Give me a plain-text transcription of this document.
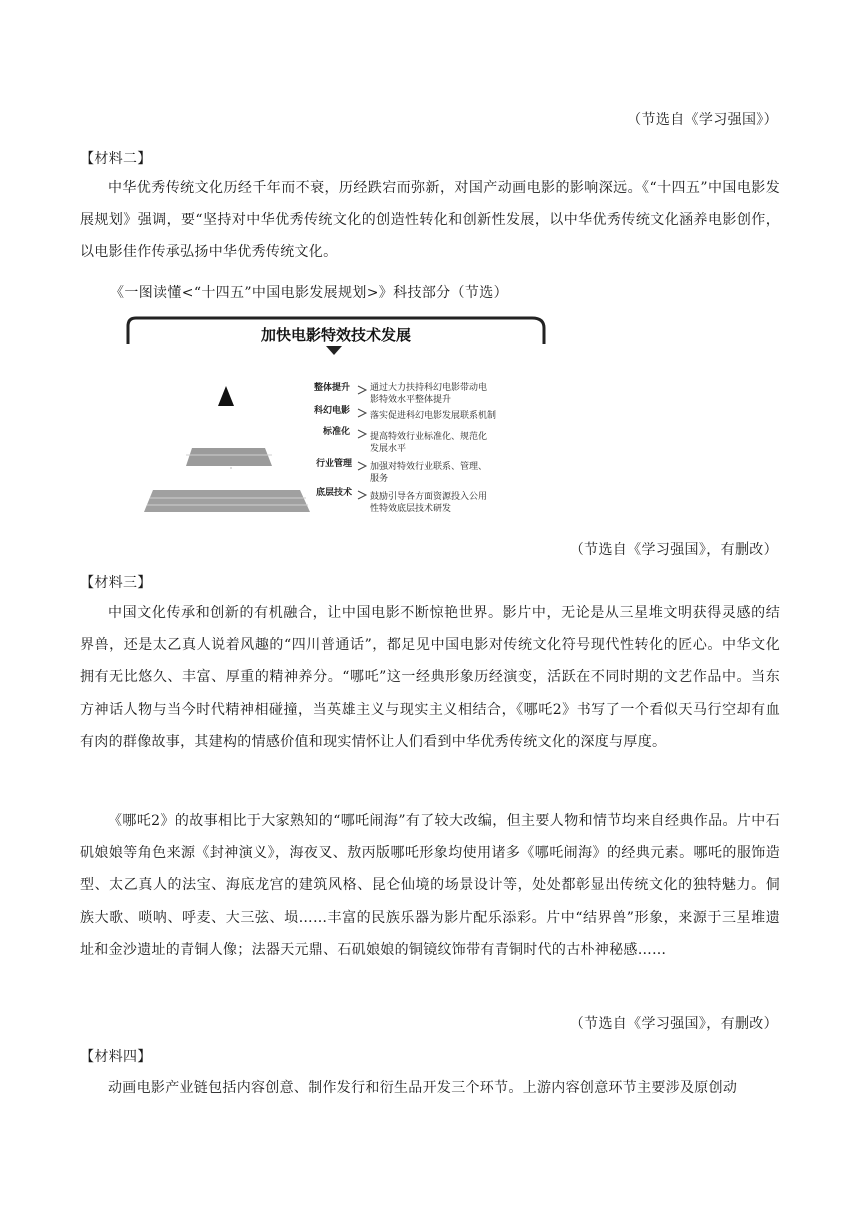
（节选自《学习强国》）
【材料二】
中华优秀传统文化历经千年而不衰，历经跌宕而弥新，对国产动画电影的影响深远。《“十四五”中国电影发展规划》强调，要“坚持对中华优秀传统文化的创造性转化和创新性发展，以中华优秀传统文化涵养电影创作，以电影佳作传承弘扬中华优秀传统文化。
《一图读懂<“十四五”中国电影发展规划>》科技部分（节选）
加快电影特效技术发展
整体提升
科幻电影
标准化
行业管理
底层技术
通过大力扶持科幻电影带动电
影特效水平整体提升
落实促进科幻电影发展联系机制
提高特效行业标准化、规范化
发展水平
加强对特效行业联系、管理、
服务
鼓励引导各方面资源投入公用
性特效底层技术研发
（节选自《学习强国》，有删改）
【材料三】
中国文化传承和创新的有机融合，让中国电影不断惊艳世界。影片中，无论是从三星堆文明获得灵感的结界兽，还是太乙真人说着风趣的“四川普通话”，都足见中国电影对传统文化符号现代性转化的匠心。中华文化拥有无比悠久、丰富、厚重的精神养分。“哪吒”这一经典形象历经演变，活跃在不同时期的文艺作品中。当东方神话人物与当今时代精神相碰撞，当英雄主义与现实主义相结合，《哪吒2》书写了一个看似天马行空却有血有肉的群像故事，其建构的情感价值和现实情怀让人们看到中华优秀传统文化的深度与厚度。
《哪吒2》的故事相比于大家熟知的“哪吒闹海”有了较大改编，但主要人物和情节均来自经典作品。片中石矶娘娘等角色来源《封神演义》，海夜叉、敖丙版哪吒形象均使用诸多《哪吒闹海》的经典元素。哪吒的服饰造型、太乙真人的法宝、海底龙宫的建筑风格、昆仑仙境的场景设计等，处处都彰显出传统文化的独特魅力。侗族大歌、唢呐、呼麦、大三弦、埙……丰富的民族乐器为影片配乐添彩。片中“结界兽”形象，来源于三星堆遗址和金沙遗址的青铜人像；法器天元鼎、石矶娘娘的铜镜纹饰带有青铜时代的古朴神秘感……
（节选自《学习强国》，有删改）
【材料四】
动画电影产业链包括内容创意、制作发行和衍生品开发三个环节。上游内容创意环节主要涉及原创动
